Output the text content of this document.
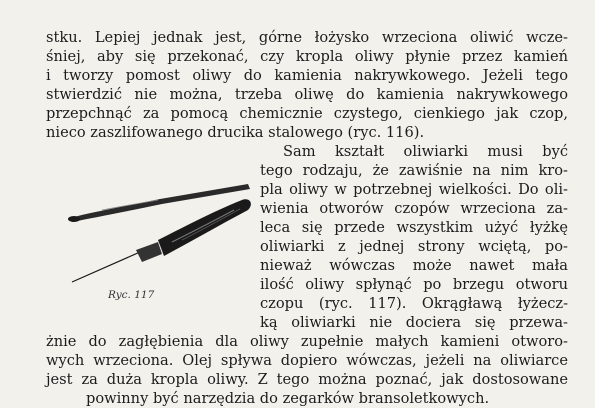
stku. Lepiej jednak jest, górne łożysko wrzeciona oliwić wcze-
śniej, aby się przekonać, czy kropla oliwy płynie przez kamień
i tworzy pomost oliwy do kamienia nakrywkowego. Jeżeli tego
stwierdzić nie można, trzeba oliwę do kamienia nakrywkowego
przepchnąć za pomocą chemicznie czystego, cienkiego jak czop,
nieco zaszlifowanego drucika stalowego (ryc. 116).
Sam kształt oliwiarki musi być
tego rodzaju, że zawiśnie na nim kro-
pla oliwy w potrzebnej wielkości. Do oli-
wienia otworów czopów wrzeciona za-
leca się przede wszystkim użyć łyżkę
oliwiarki z jednej strony wciętą, po-
nieważ wówczas może nawet mała
ilość oliwy spłynąć po brzegu otworu
czopu (ryc. 117). Okrągławą łyżecz-
ką oliwiarki nie dociera się przewa-
żnie do zagłębienia dla oliwy zupełnie małych kamieni otworo-
wych wrzeciona. Olej spływa dopiero wówczas, jeżeli na oliwiarce
jest za duża kropla oliwy. Z tego można poznać, jak dostosowane
powinny być narzędzia do zegarków bransoletkowych.
Ryc. 117
